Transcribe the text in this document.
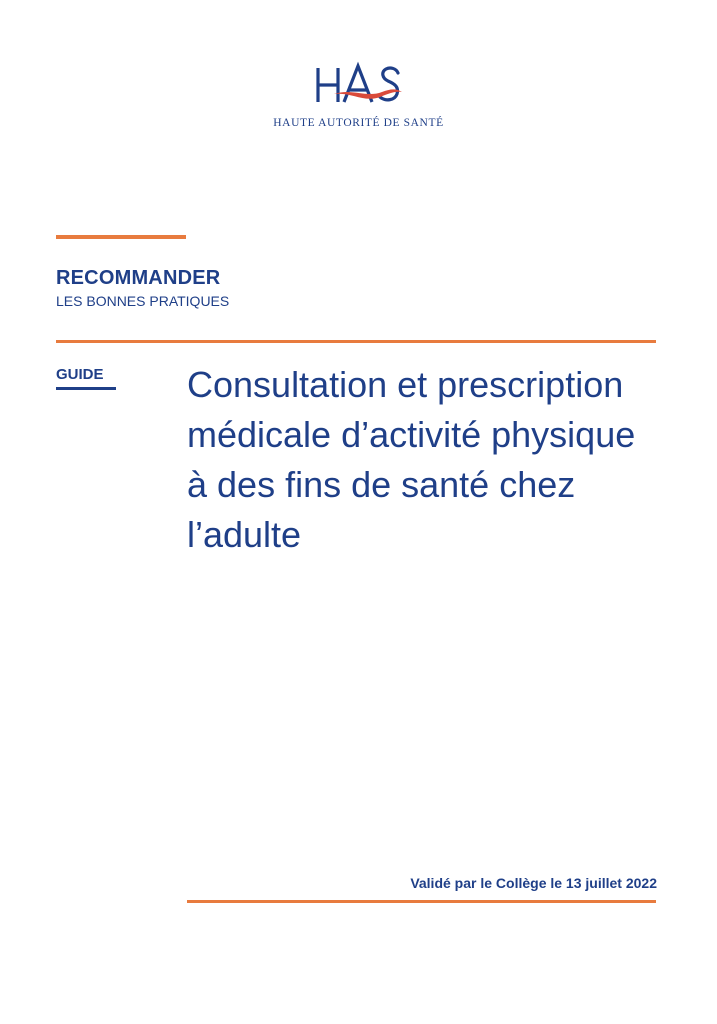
HAUTE AUTORITÉ DE SANTÉ
RECOMMANDER
LES BONNES PRATIQUES
GUIDE Consultation et prescription médicale d’activité physique à des fins de santé chez l’adulte
Validé par le Collège le 13 juillet 2022
